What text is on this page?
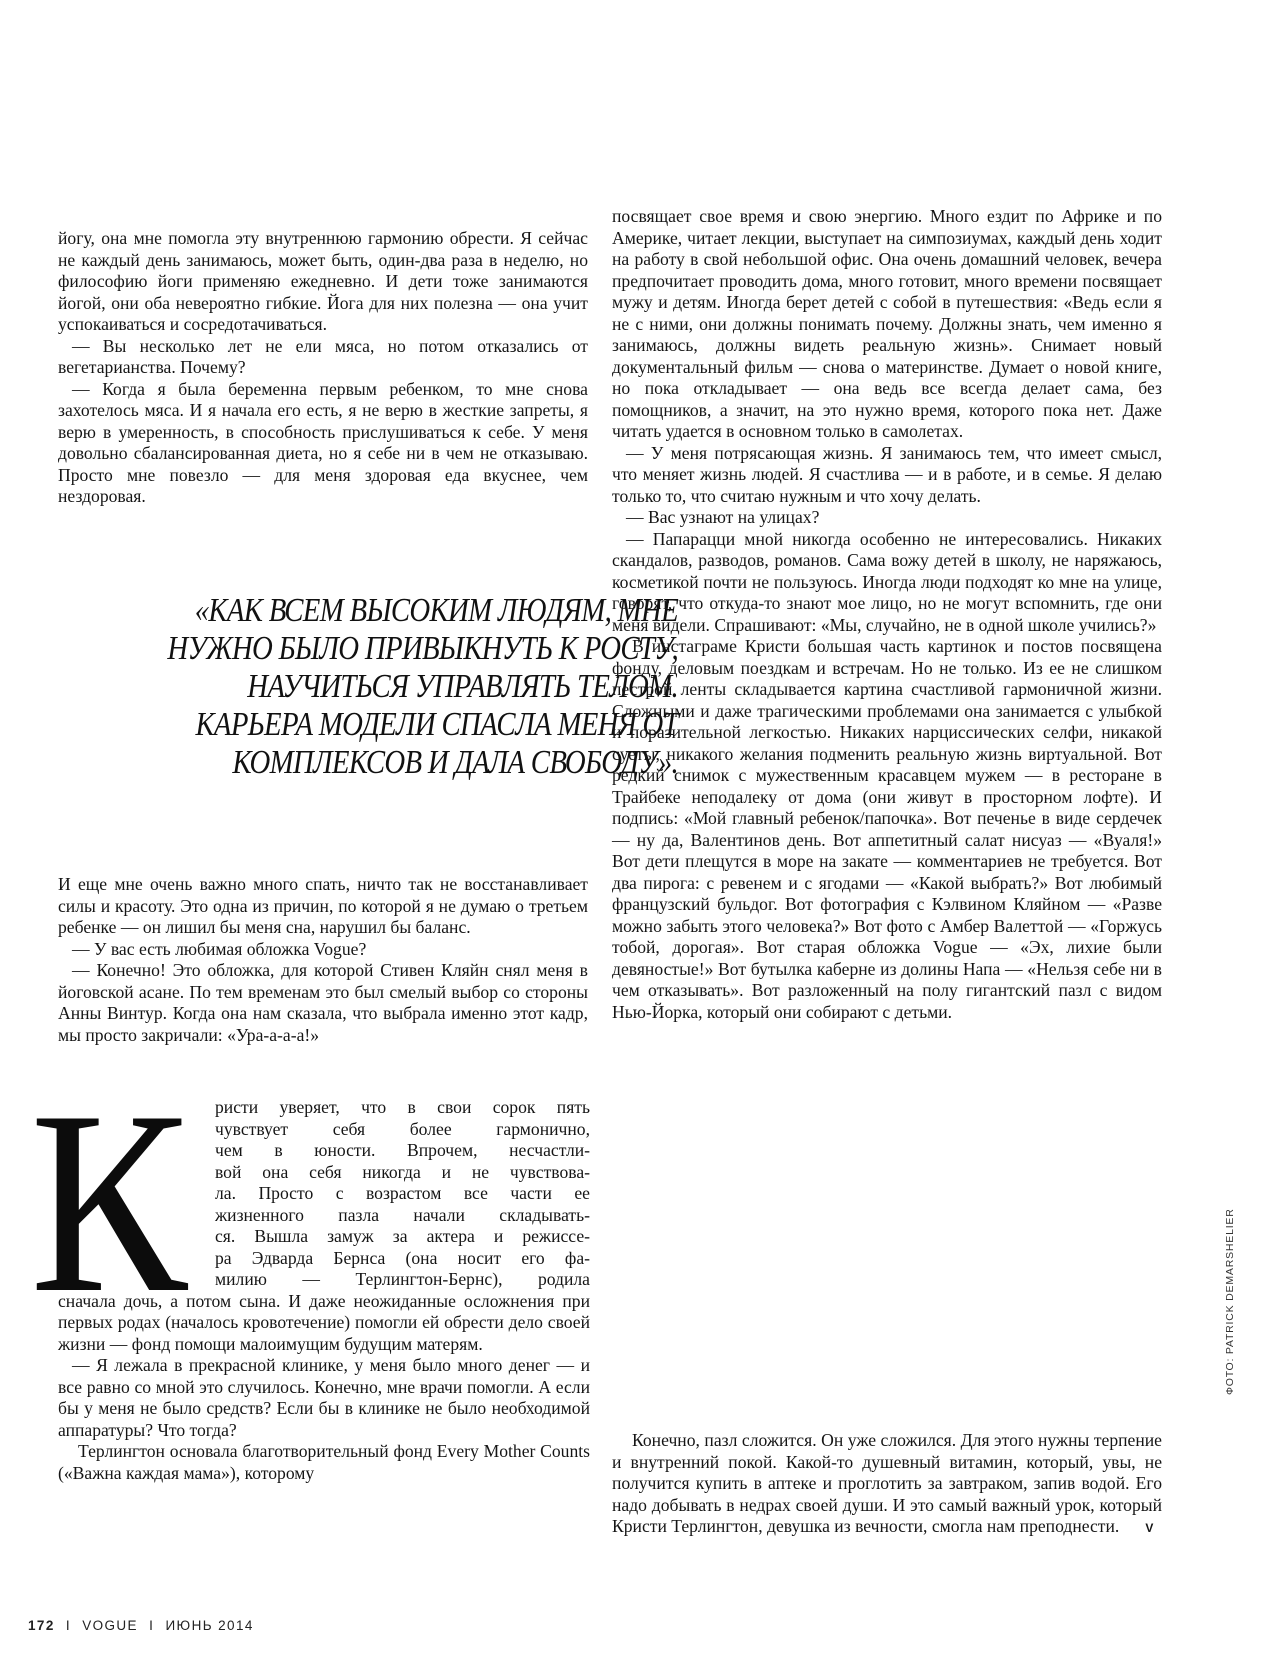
йогу, она мне помогла эту внутреннюю гармонию обрести. Я сейчас не каждый день занимаюсь, может быть, один-два раза в неделю, но философию йоги применяю ежедневно. И дети тоже занимаются йогой, они оба невероятно гибкие. Йога для них полезна — она учит успокаиваться и сосредотачиваться.

— Вы несколько лет не ели мяса, но потом отказались от вегетарианства. Почему?

— Когда я была беременна первым ребенком, то мне снова захотелось мяса. И я начала его есть, я не верю в жесткие запреты, я верю в умеренность, в способность прислушиваться к себе. У меня довольно сбалансированная диета, но я себе ни в чем не отказываю. Просто мне повезло — для меня здоровая еда вкуснее, чем нездоровая.

«КАК ВСЕМ ВЫСОКИМ ЛЮДЯМ, МНЕ НУЖНО БЫЛО ПРИВЫКНУТЬ К РОСТУ, НАУЧИТЬСЯ УПРАВЛЯТЬ ТЕЛОМ. КАРЬЕРА МОДЕЛИ СПАСЛА МЕНЯ ОТ КОМПЛЕКСОВ И ДАЛА СВОБОДУ».

И еще мне очень важно много спать, ничто так не восстанавливает силы и красоту. Это одна из причин, по которой я не думаю о третьем ребенке — он лишил бы меня сна, нарушил бы баланс.

— У вас есть любимая обложка Vogue?

— Конечно! Это обложка, для которой Стивен Кляйн снял меня в йоговской асане. По тем временам это был смелый выбор со стороны Анны Винтур. Когда она нам сказала, что выбрала именно этот кадр, мы просто закричали: «Ура-а-а-а!»

К	ристи уверяет, что в свои сорок пять
чувствует себя более гармонично,
чем в юности. Впрочем, несчастли-
вой она себя никогда и не чувствова-
ла. Просто с возрастом все части ее
жизненного пазла начали складывать-
ся. Вышла замуж за актера и режиссе-
ра Эдварда Бернса (она носит его фа-
милию — Терлингтон-Бернс), родила

сначала дочь, а потом сына. И даже неожиданные осложнения при первых родах (началось кровотечение) помогли ей обрести дело своей жизни — фонд помощи малоимущим будущим матерям.

— Я лежала в прекрасной клинике, у меня было много денег — и все равно со мной это случилось. Конечно, мне врачи помогли. А если бы у меня не было средств? Если бы в клинике не было необходимой аппаратуры? Что тогда?

Терлингтон основала благотворительный фонд Every Mother Counts («Важна каждая мама»), которому

посвящает свое время и свою энергию. Много ездит по Африке и по Америке, читает лекции, выступает на симпозиумах, каждый день ходит на работу в свой небольшой офис. Она очень домашний человек, вечера предпочитает проводить дома, много готовит, много времени посвящает мужу и детям. Иногда берет детей с собой в путешествия: «Ведь если я не с ними, они должны понимать почему. Должны знать, чем именно я занимаюсь, должны видеть реальную жизнь». Снимает новый документальный фильм — снова о материнстве. Думает о новой книге, но пока откладывает — она ведь все всегда делает сама, без помощников, а значит, на это нужно время, которого пока нет. Даже читать удается в основном только в самолетах.

— У меня потрясающая жизнь. Я занимаюсь тем, что имеет смысл, что меняет жизнь людей. Я счастлива — и в работе, и в семье. Я делаю только то, что считаю нужным и что хочу делать.

— Вас узнают на улицах?

— Папарацци мной никогда особенно не интересовались. Никаких скандалов, разводов, романов. Сама вожу детей в школу, не наряжаюсь, косметикой почти не пользуюсь. Иногда люди подходят ко мне на улице, говорят, что откуда-то знают мое лицо, но не могут вспомнить, где они меня видели. Спрашивают: «Мы, случайно, не в одной школе учились?»

В инстаграме Кристи большая часть картинок и постов посвящена фонду, деловым поездкам и встречам. Но не только. Из ее не слишком пестрой ленты складывается картина счастливой гармоничной жизни. Сложными и даже трагическими проблемами она занимается с улыбкой и поразительной легкостью. Никаких нарциссических селфи, никакой суеты, никакого желания подменить реальную жизнь виртуальной. Вот редкий снимок с мужественным красавцем мужем — в ресторане в Трайбеке неподалеку от дома (они живут в просторном лофте). И подпись: «Мой главный ребенок/папочка». Вот печенье в виде сердечек — ну да, Валентинов день. Вот аппетитный салат нисуаз — «Вуаля!» Вот дети плещутся в море на закате — комментариев не требуется. Вот два пирога: с ревенем и с ягодами — «Какой выбрать?» Вот любимый французский бульдог. Вот фотография с Кэлвином Кляйном — «Разве можно забыть этого человека?» Вот фото с Амбер Валеттой — «Горжусь тобой, дорогая». Вот старая обложка Vogue — «Эх, лихие были девяностые!» Вот бутылка каберне из долины Напа — «Нельзя себе ни в чем отказывать». Вот разложенный на полу гигантский пазл с видом Нью-Йорка, который они собирают с детьми.

Конечно, пазл сложится. Он уже сложился. Для этого нужны терпение и внутренний покой. Какой-то душевный витамин, который, увы, не получится купить в аптеке и проглотить за завтраком, запив водой. Его надо добывать в недрах своей души. И это самый важный урок, который Кристи Терлингтон, девушка из вечности, смогла нам преподнести. V

172 I VOGUE I ИЮНЬ 2014
ФОТО: PATRICK DEMARSHELIER
